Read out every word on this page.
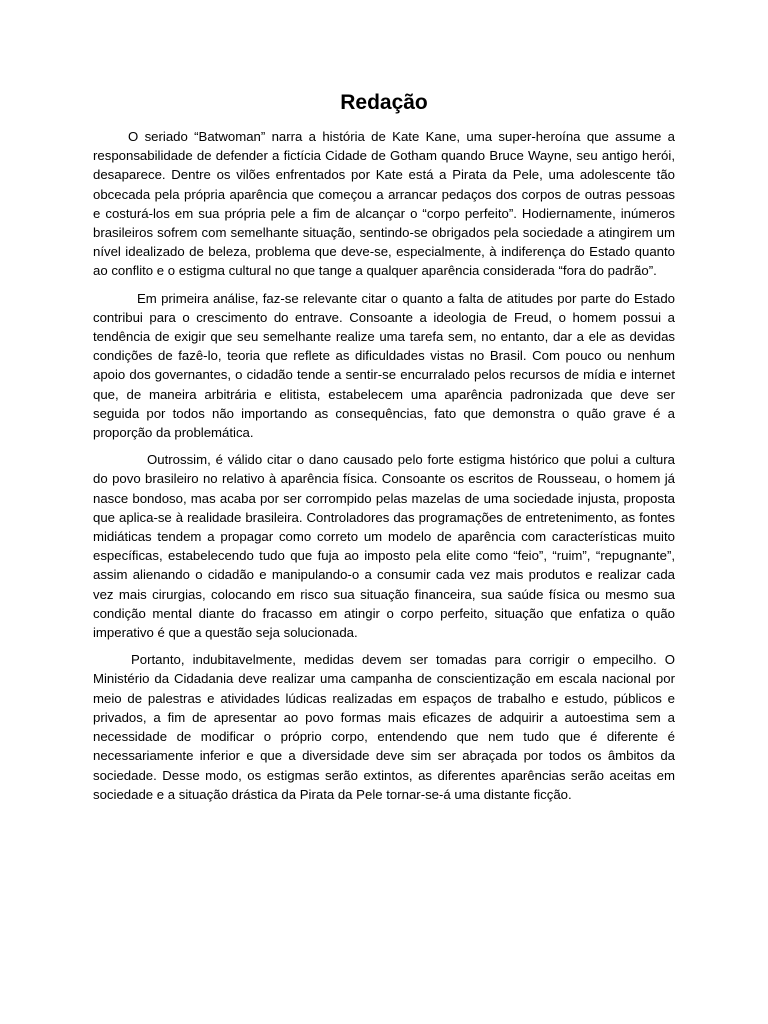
Redação

O seriado “Batwoman” narra a história de Kate Kane, uma super-heroína que assume a responsabilidade de defender a fictícia Cidade de Gotham quando Bruce Wayne, seu antigo herói, desaparece. Dentre os vilões enfrentados por Kate está a Pirata da Pele, uma adolescente tão obcecada pela própria aparência que começou a arrancar pedaços dos corpos de outras pessoas e costurá-los em sua própria pele a fim de alcançar o “corpo perfeito”. Hodiernamente, inúmeros brasileiros sofrem com semelhante situação, sentindo-se obrigados pela sociedade a atingirem um nível idealizado de beleza, problema que deve-se, especialmente, à indiferença do Estado quanto ao conflito e o estigma cultural no que tange a qualquer aparência considerada “fora do padrão”.

Em primeira análise, faz-se relevante citar o quanto a falta de atitudes por parte do Estado contribui para o crescimento do entrave. Consoante a ideologia de Freud, o homem possui a tendência de exigir que seu semelhante realize uma tarefa sem, no entanto, dar a ele as devidas condições de fazê-lo, teoria que reflete as dificuldades vistas no Brasil. Com pouco ou nenhum apoio dos governantes, o cidadão tende a sentir-se encurralado pelos recursos de mídia e internet que, de maneira arbitrária e elitista, estabelecem uma aparência padronizada que deve ser seguida por todos não importando as consequências, fato que demonstra o quão grave é a proporção da problemática.

Outrossim, é válido citar o dano causado pelo forte estigma histórico que polui a cultura do povo brasileiro no relativo à aparência física. Consoante os escritos de Rousseau, o homem já nasce bondoso, mas acaba por ser corrompido pelas mazelas de uma sociedade injusta, proposta que aplica-se à realidade brasileira. Controladores das programações de entretenimento, as fontes midiáticas tendem a propagar como correto um modelo de aparência com características muito específicas, estabelecendo tudo que fuja ao imposto pela elite como “feio”, “ruim”, “repugnante”, assim alienando o cidadão e manipulando-o a consumir cada vez mais produtos e realizar cada vez mais cirurgias, colocando em risco sua situação financeira, sua saúde física ou mesmo sua condição mental diante do fracasso em atingir o corpo perfeito, situação que enfatiza o quão imperativo é que a questão seja solucionada.

Portanto, indubitavelmente, medidas devem ser tomadas para corrigir o empecilho. O Ministério da Cidadania deve realizar uma campanha de conscientização em escala nacional por meio de palestras e atividades lúdicas realizadas em espaços de trabalho e estudo, públicos e privados, a fim de apresentar ao povo formas mais eficazes de adquirir a autoestima sem a necessidade de modificar o próprio corpo, entendendo que nem tudo que é diferente é necessariamente inferior e que a diversidade deve sim ser abraçada por todos os âmbitos da sociedade. Desse modo, os estigmas serão extintos, as diferentes aparências serão aceitas em sociedade e a situação drástica da Pirata da Pele tornar-se-á uma distante ficção.
